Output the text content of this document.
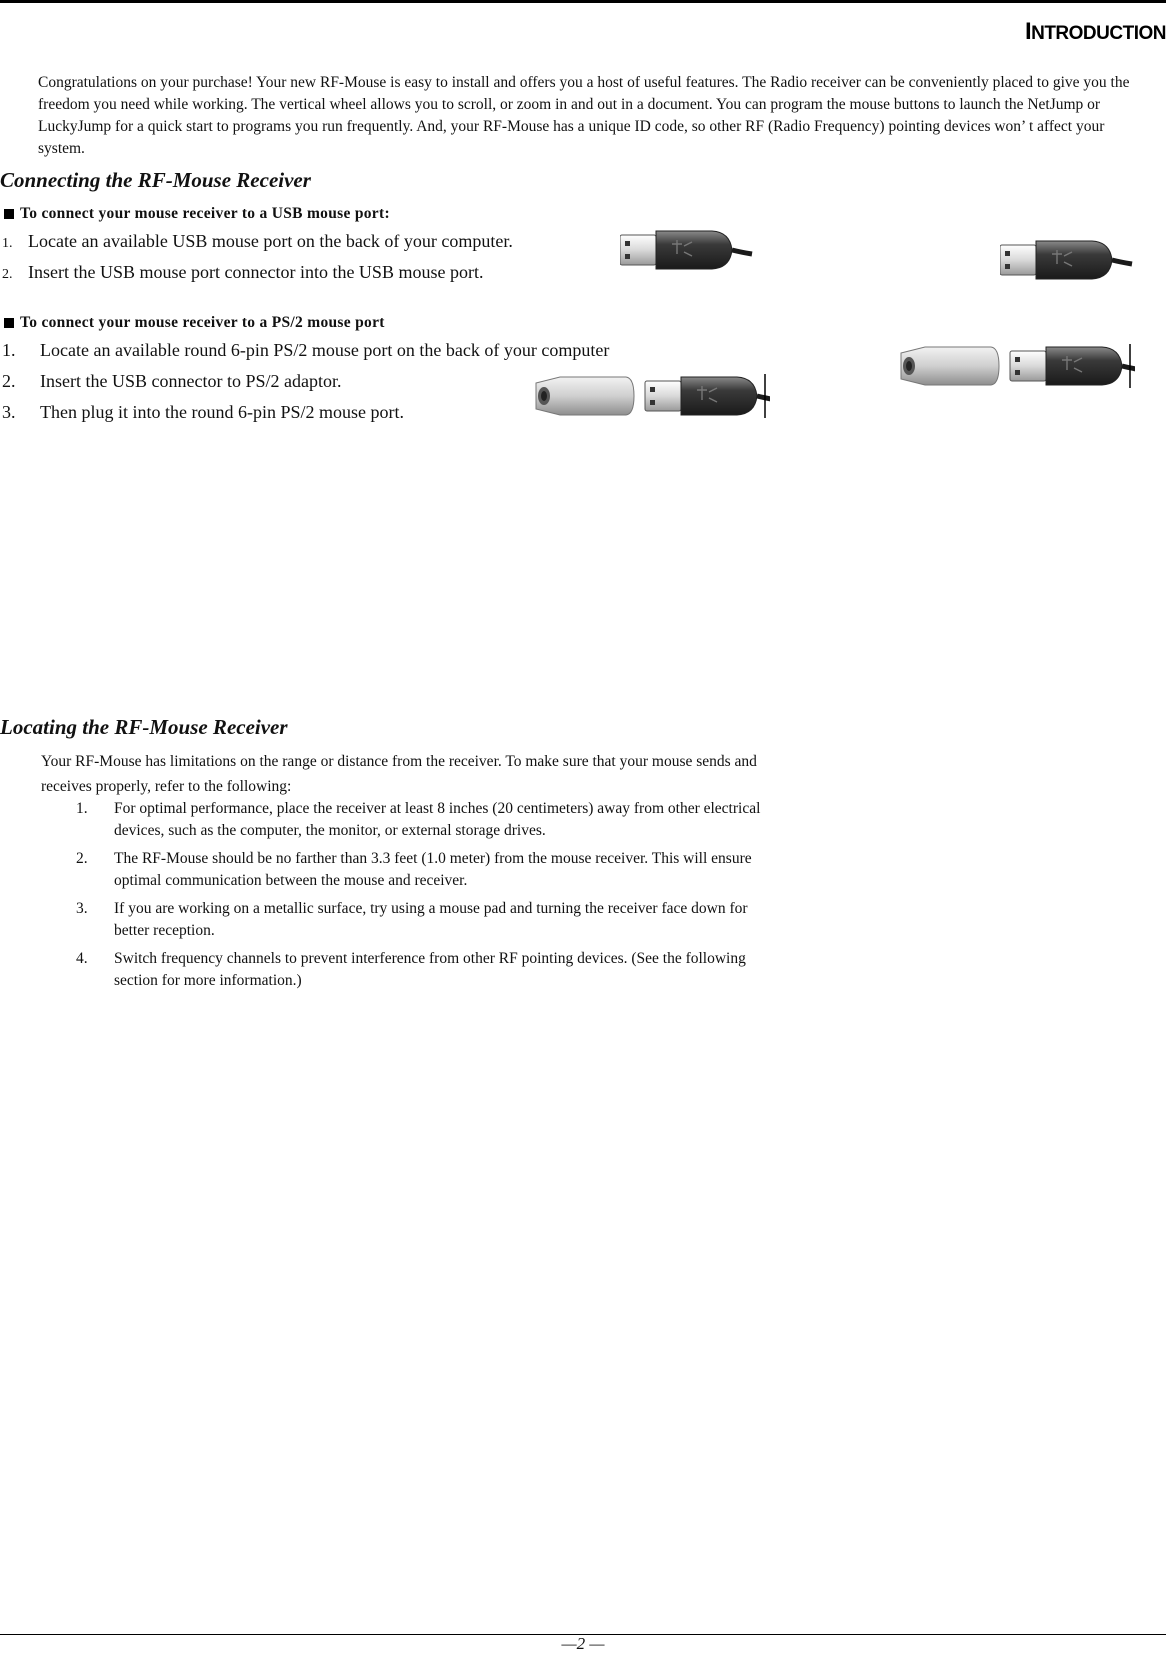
INTRODUCTION
Congratulations on your purchase! Your new RF-Mouse is easy to install and offers you a host of useful features. The Radio receiver can be conveniently placed to give you the freedom you need while working. The vertical wheel allows you to scroll, or zoom in and out in a document. You can program the mouse buttons to launch the NetJump or LuckyJump for a quick start to programs you run frequently. And, your RF-Mouse has a unique ID code, so other RF (Radio Frequency) pointing devices won’ t affect your system.
Connecting the RF-Mouse Receiver
To connect your mouse receiver to a USB mouse port:
1. Locate an available USB mouse port on the back of your computer.
2. Insert the USB mouse port connector into the USB mouse port.
To connect your mouse receiver to a PS/2 mouse port
1. Locate an available round 6-pin PS/2 mouse port on the back of your computer
2. Insert the USB connector to PS/2 adaptor.
3. Then plug it into the round 6-pin PS/2 mouse port.
Locating the RF-Mouse Receiver
Your RF-Mouse has limitations on the range or distance from the receiver. To make sure that your mouse sends and receives properly, refer to the following:
1.	For optimal performance, place the receiver at least 8 inches (20 centimeters) away from other electrical devices, such as the computer, the monitor, or external storage drives.
2.	The RF-Mouse should be no farther than 3.3 feet (1.0 meter) from the mouse receiver. This will ensure optimal communication between the mouse and receiver.
3.	If you are working on a metallic surface, try using a mouse pad and turning the receiver face down for better reception.
4.	Switch frequency channels to prevent interference from other RF pointing devices. (See the following section for more information.)
—2 —
